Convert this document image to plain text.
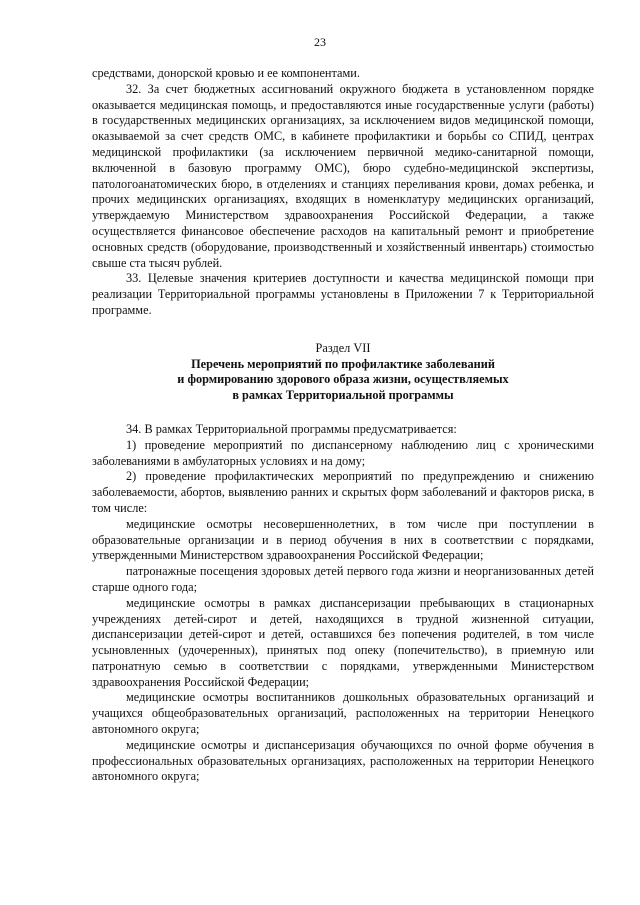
23

средствами, донорской кровью и ее компонентами.

32. За счет бюджетных ассигнований окружного бюджета в установленном порядке оказывается медицинская помощь, и предоставляются иные государственные услуги (работы) в государственных медицинских организациях, за исключением видов медицинской помощи, оказываемой за счет средств ОМС, в кабинете профилактики и борьбы со СПИД, центрах медицинской профилактики (за исключением первичной медико-санитарной помощи, включенной в базовую программу ОМС), бюро судебно-медицинской экспертизы, патологоанатомических бюро, в отделениях и станциях переливания крови, домах ребенка, и прочих медицинских организациях, входящих в номенклатуру медицинских организаций, утверждаемую Министерством здравоохранения Российской Федерации, а также осуществляется финансовое обеспечение расходов на капитальный ремонт и приобретение основных средств (оборудование, производственный и хозяйственный инвентарь) стоимостью свыше ста тысяч рублей.

33. Целевые значения критериев доступности и качества медицинской помощи при реализации Территориальной программы установлены в Приложении 7 к Территориальной программе.

Раздел VII

Перечень мероприятий по профилактике заболеваний

и формированию здорового образа жизни, осуществляемых

в рамках Территориальной программы

34. В рамках Территориальной программы предусматривается:

1) проведение мероприятий по диспансерному наблюдению лиц с хроническими заболеваниями в амбулаторных условиях и на дому;

2) проведение профилактических мероприятий по предупреждению и снижению заболеваемости, абортов, выявлению ранних и скрытых форм заболеваний и факторов риска, в том числе:

медицинские осмотры несовершеннолетних, в том числе при поступлении в образовательные организации и в период обучения в них в соответствии с порядками, утвержденными Министерством здравоохранения Российской Федерации;

патронажные посещения здоровых детей первого года жизни и неорганизованных детей старше одного года;

медицинские осмотры в рамках диспансеризации пребывающих в стационарных учреждениях детей-сирот и детей, находящихся в трудной жизненной ситуации, диспансеризации детей-сирот и детей, оставшихся без попечения родителей, в том числе усыновленных (удочеренных), принятых под опеку (попечительство), в приемную или патронатную семью в соответствии с порядками, утвержденными Министерством здравоохранения Российской Федерации;

медицинские осмотры воспитанников дошкольных образовательных организаций и учащихся общеобразовательных организаций, расположенных на территории Ненецкого автономного округа;

медицинские осмотры и диспансеризация обучающихся по очной форме обучения в профессиональных образовательных организациях, расположенных на территории Ненецкого автономного округа;
